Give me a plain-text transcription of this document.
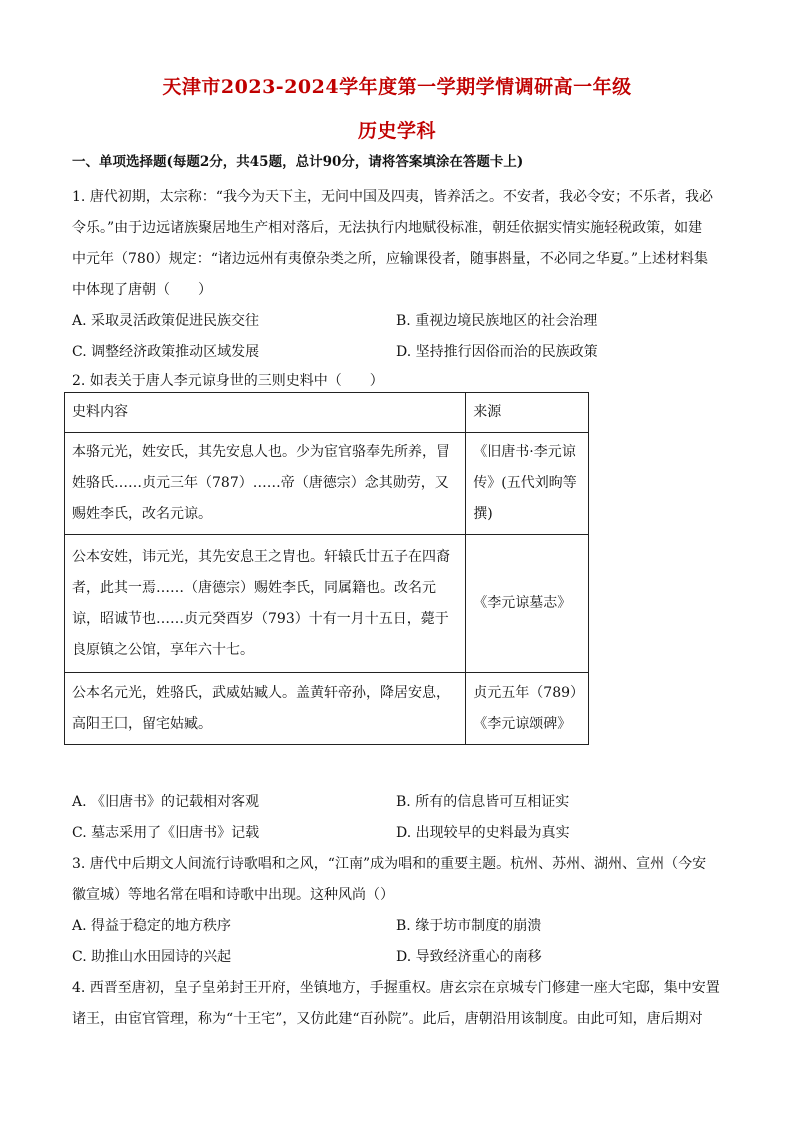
天津市2023-2024学年度第一学期学情调研高一年级
历史学科
一、单项选择题(每题2分，共45题，总计90分，请将答案填涂在答题卡上)
1. 唐代初期，太宗称：“我今为天下主，无问中国及四夷，皆养活之。不安者，我必令安；不乐者，我必
令乐。”由于边远诸族聚居地生产相对落后，无法执行内地赋役标准，朝廷依据实情实施轻税政策，如建
中元年（780）规定：“诸边远州有夷僚杂类之所，应输课役者，随事斟量，不必同之华夏。”上述材料集
中体现了唐朝（　　）
A. 采取灵活政策促进民族交往	B. 重视边境民族地区的社会治理
C. 调整经济政策推动区域发展	D. 坚持推行因俗而治的民族政策
2. 如表关于唐人李元谅身世的三则史料中（　　）
史料内容	来源
本骆元光，姓安氏，其先安息人也。少为宦官骆奉先所养，冒姓骆氏……贞元三年（787）……帝（唐德宗）念其勋劳，又赐姓李氏，改名元谅。	《旧唐书·李元谅传》(五代刘昫等撰)
公本安姓，讳元光，其先安息王之胄也。轩辕氏廿五子在四裔者，此其一焉……（唐德宗）赐姓李氏，同属籍也。改名元谅，昭诚节也……贞元癸酉岁（793）十有一月十五日，薨于良原镇之公馆，享年六十七。	《李元谅墓志》
公本名元光，姓骆氏，武威姑臧人。盖黄轩帝孙，降居安息，高阳王囗，留宅姑臧。	贞元五年（789）《李元谅颂碑》
A. 《旧唐书》的记载相对客观	B. 所有的信息皆可互相证实
C. 墓志采用了《旧唐书》记载	D. 出现较早的史料最为真实
3. 唐代中后期文人间流行诗歌唱和之风，“江南”成为唱和的重要主题。杭州、苏州、湖州、宣州（今安
徽宣城）等地名常在唱和诗歌中出现。这种风尚（）
A. 得益于稳定的地方秩序	B. 缘于坊市制度的崩溃
C. 助推山水田园诗的兴起	D. 导致经济重心的南移
4. 西晋至唐初，皇子皇弟封王开府，坐镇地方，手握重权。唐玄宗在京城专门修建一座大宅邸，集中安置
诸王，由宦官管理，称为“十王宅”，又仿此建“百孙院”。此后，唐朝沿用该制度。由此可知，唐后期对
